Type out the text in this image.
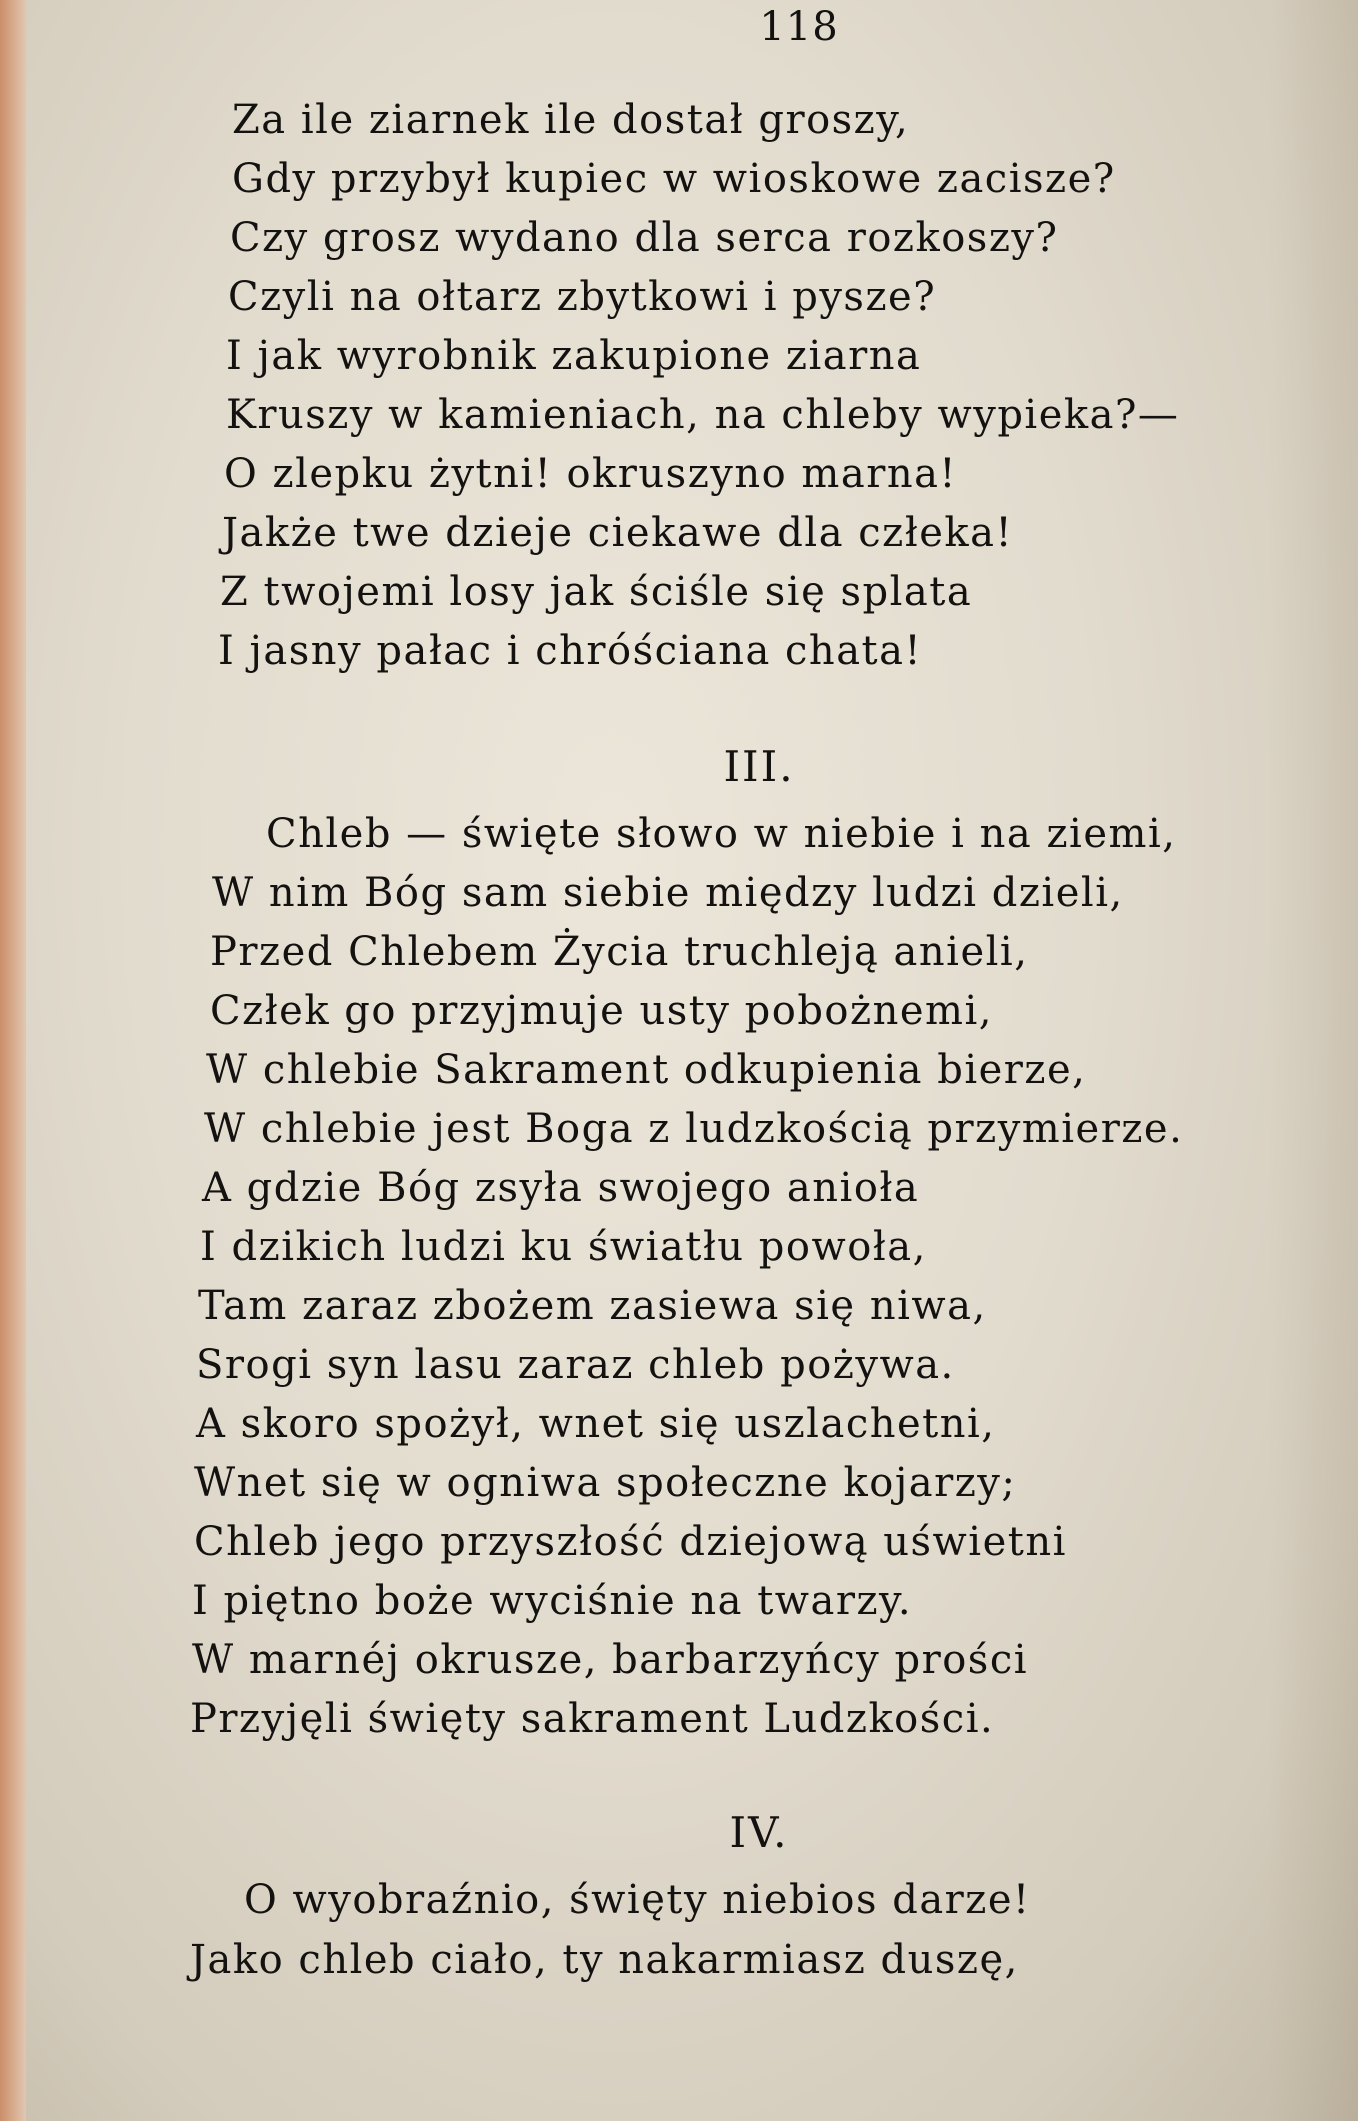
118
Za ile ziarnek ile dostał groszy,
Gdy przybył kupiec w wioskowe zacisze?
Czy grosz wydano dla serca rozkoszy?
Czyli na ołtarz zbytkowi i pysze?
I jak wyrobnik zakupione ziarna
Kruszy w kamieniach, na chleby wypieka?—
O zlepku żytni! okruszyno marna!
Jakże twe dzieje ciekawe dla człeka!
Z twojemi losy jak ściśle się splata
I jasny pałac i chróściana chata!
III.
Chleb — święte słowo w niebie i na ziemi,
W nim Bóg sam siebie między ludzi dzieli,
Przed Chlebem Życia truchleją anieli,
Człek go przyjmuje usty pobożnemi,
W chlebie Sakrament odkupienia bierze,
W chlebie jest Boga z ludzkością przymierze.
A gdzie Bóg zsyła swojego anioła
I dzikich ludzi ku światłu powoła,
Tam zaraz zbożem zasiewa się niwa,
Srogi syn lasu zaraz chleb pożywa.
A skoro spożył, wnet się uszlachetni,
Wnet się w ogniwa społeczne kojarzy;
Chleb jego przyszłość dziejową uświetni
I piętno boże wyciśnie na twarzy.
W marnéj okrusze, barbarzyńcy prości
Przyjęli święty sakrament Ludzkości.
IV.
O wyobraźnio, święty niebios darze!
Jako chleb ciało, ty nakarmiasz duszę,
